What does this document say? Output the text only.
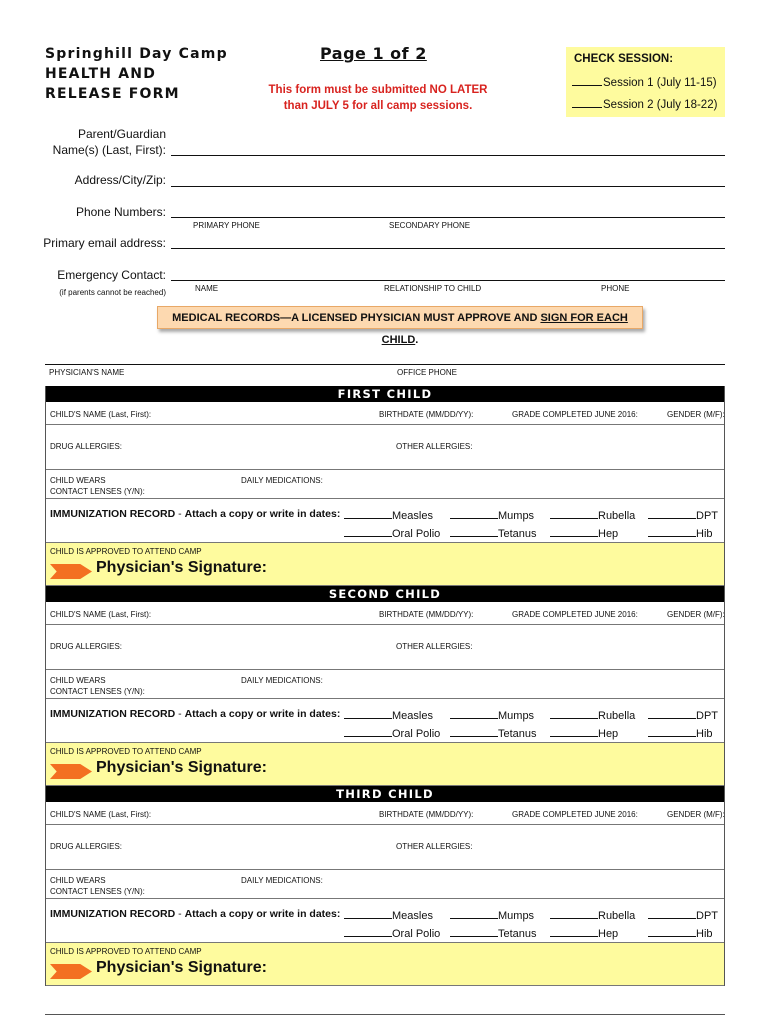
Springhill Day Camp
HEALTH AND
RELEASE FORM
Page 1 of 2
This form must be submitted NO LATER
than JULY 5 for all camp sessions.
CHECK SESSION:
Session 1 (July 11-15)
Session 2 (July 18-22)
Parent/Guardian
Name(s) (Last, First):
Address/City/Zip:
Phone Numbers:
PRIMARY PHONE	SECONDARY PHONE
Primary email address:
Emergency Contact:
(if parents cannot be reached)	NAME	RELATIONSHIP TO CHILD	PHONE
MEDICAL RECORDS—A LICENSED PHYSICIAN MUST APPROVE AND SIGN FOR EACH CHILD.
PHYSICIAN'S NAME	OFFICE PHONE
FIRST CHILD
CHILD'S NAME (Last, First):	BIRTHDATE (MM/DD/YY):	GRADE COMPLETED JUNE 2016:	GENDER (M/F):
DRUG ALLERGIES:	OTHER ALLERGIES:
CHILD WEARS
CONTACT LENSES (Y/N):
DAILY MEDICATIONS:
IMMUNIZATION RECORD - Attach a copy or write in dates:	Measles	Mumps	Rubella	DPT
Oral Polio	Tetanus	Hep	Hib
CHILD IS APPROVED TO ATTEND CAMP
Physician's Signature:
SECOND CHILD
CHILD'S NAME (Last, First):	BIRTHDATE (MM/DD/YY):	GRADE COMPLETED JUNE 2016:	GENDER (M/F):
DRUG ALLERGIES:	OTHER ALLERGIES:
CHILD WEARS
CONTACT LENSES (Y/N):
DAILY MEDICATIONS:
IMMUNIZATION RECORD - Attach a copy or write in dates:	Measles	Mumps	Rubella	DPT
Oral Polio	Tetanus	Hep	Hib
CHILD IS APPROVED TO ATTEND CAMP
Physician's Signature:
THIRD CHILD
CHILD'S NAME (Last, First):	BIRTHDATE (MM/DD/YY):	GRADE COMPLETED JUNE 2016:	GENDER (M/F):
DRUG ALLERGIES:	OTHER ALLERGIES:
CHILD WEARS
CONTACT LENSES (Y/N):
DAILY MEDICATIONS:
IMMUNIZATION RECORD - Attach a copy or write in dates:	Measles	Mumps	Rubella	DPT
Oral Polio	Tetanus	Hep	Hib
CHILD IS APPROVED TO ATTEND CAMP
Physician's Signature:
